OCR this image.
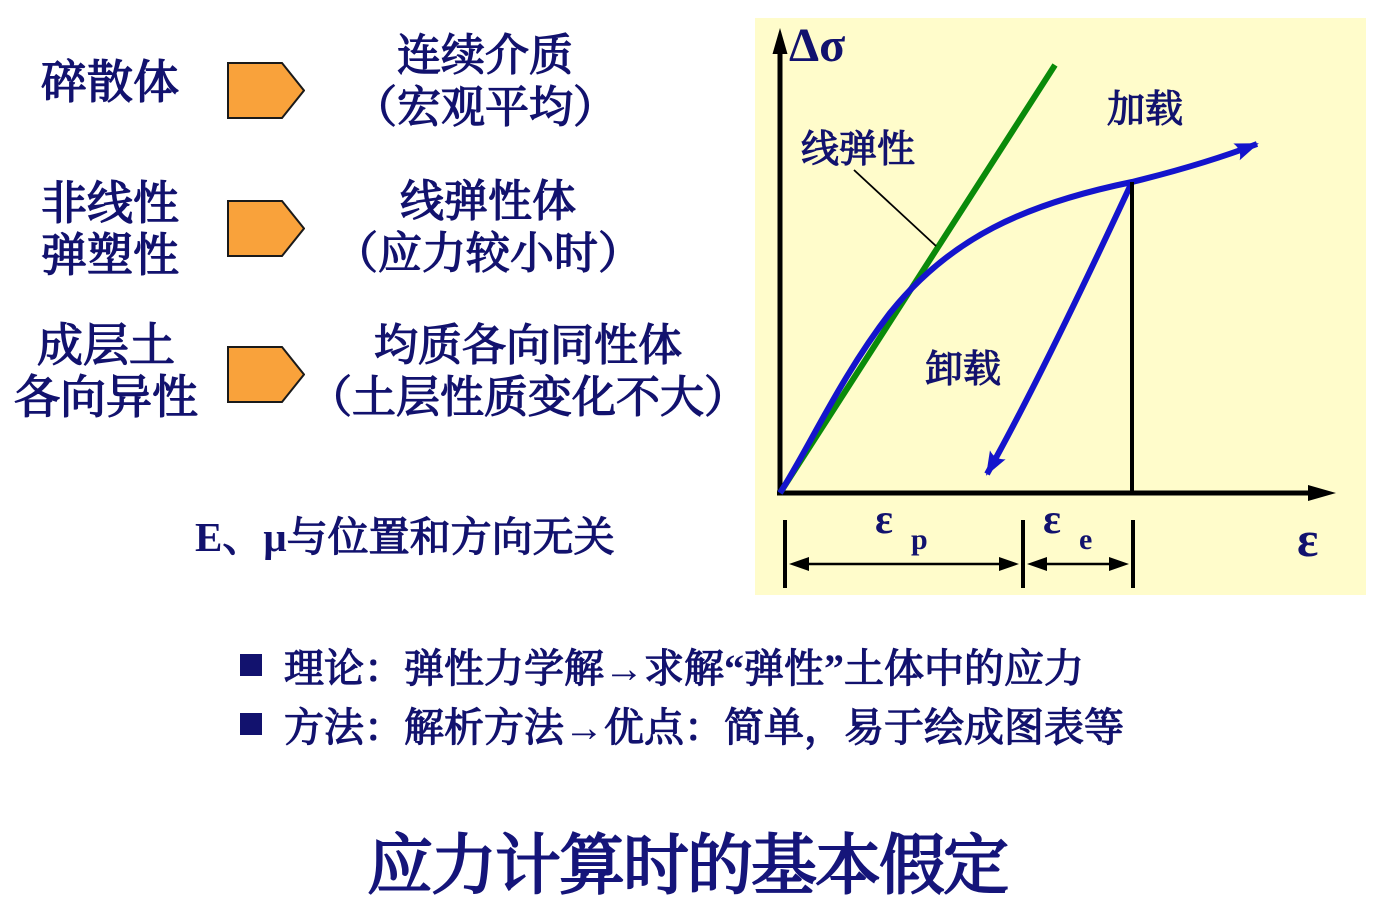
碎散体
连续介质
（宏观平均）
非线性
弹塑性
线弹性体
（应力较小时）
成层土
各向异性
均质各向同性体
（土层性质变化不大）
E、μ与位置和方向无关
Δσ
线弹性
加载
卸载
ε $_p$	ε $_e$	ε
理论：弹性力学解→求解“弹性”土体中的应力
方法：解析方法→优点：简单，易于绘成图表等
应力计算时的基本假定
